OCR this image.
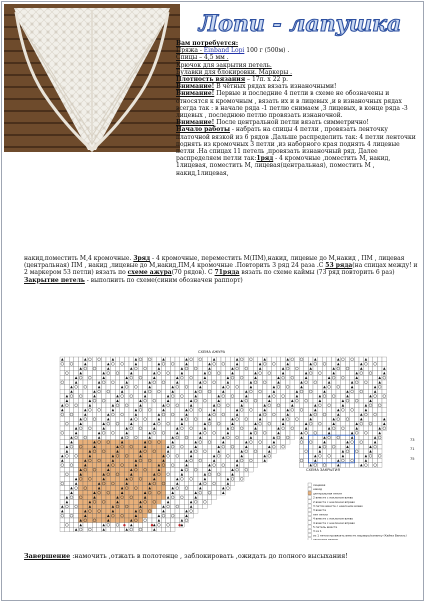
Лопи - лапушка

Вам потребуется:

Пряжа - Einband Lopi 100 г (500м) .

Спицы – 4,5 мм .

Крючок для закрытия петель.

Булавки для блокировки. Маркеры .

Плотность вязания – 17п. х 22 р.

Внимание! В чётных рядах вязать изнаночными!

Внимание! Первые и последние 4 петли в схеме не обозначены и относятся к кромочным , вязать их и в лицевых ,и в изнаночных рядах всегда так : в начале ряда -1 петлю снимаем ,3 лицевых, в конце ряда -3 лицевых , последнюю петлю провязать изнаночной.

Внимание! После центральной петли вязать симметрично!

Начало работы - набрать на спицы 4 петли , провязать ленточку платочной вязкой из 6 рядов .Дальше распределить так: 4 петли ленточки поднять из кромочных 3 петли ,из наборного края поднять 4 лицевые петли .На спицах 11 петель ,провязать изнаночный ряд. Далее распределяем петли так:1ряд - 4 кромочные ,поместить М, накид, 1лицевая, поместить М, лицевая(центральная), поместить М , накид,1лицевая,

накид,поместить М,4 кромочные. 3ряд - 4 кромочные, переместить М(ПМ),накид, лицевые до М,накид , ПМ , лицевая (центральная) ПМ , накид ,лицевые до М,накид,ПМ,4 кромочные .Повторить 3 ряд 24 раза .С 53 ряда(на спицах между! и 2 маркером 53 петли) вязать по схеме ажура(70 рядов). С 71ряда вязать по схеме каймы (73 ряд повторить 6 раз) Закрытие петель - выполнить по схеме(синим обозначен раппорт)

СХЕМА АЖУРА
СХЕМА ЗАКРЫТИЯ
лицевая
накид
центральная петля
2 вместе с наклоном влево
2 вместе с наклоном вправо
3 петли вместе с наклоном влево
3 вместе
нет петли
4 вместе с наклоном влево
4 вместе с наклоном вправо
5 петель вместе
3 из 1
из 1 петли провязать вместе лицевую/изнанку (Кайма Ваниль)
закрытие петель
73
71
75
Завершение :намочить ,отжать в полотенце , заблокировать ,ожидать до полного высыхания!
